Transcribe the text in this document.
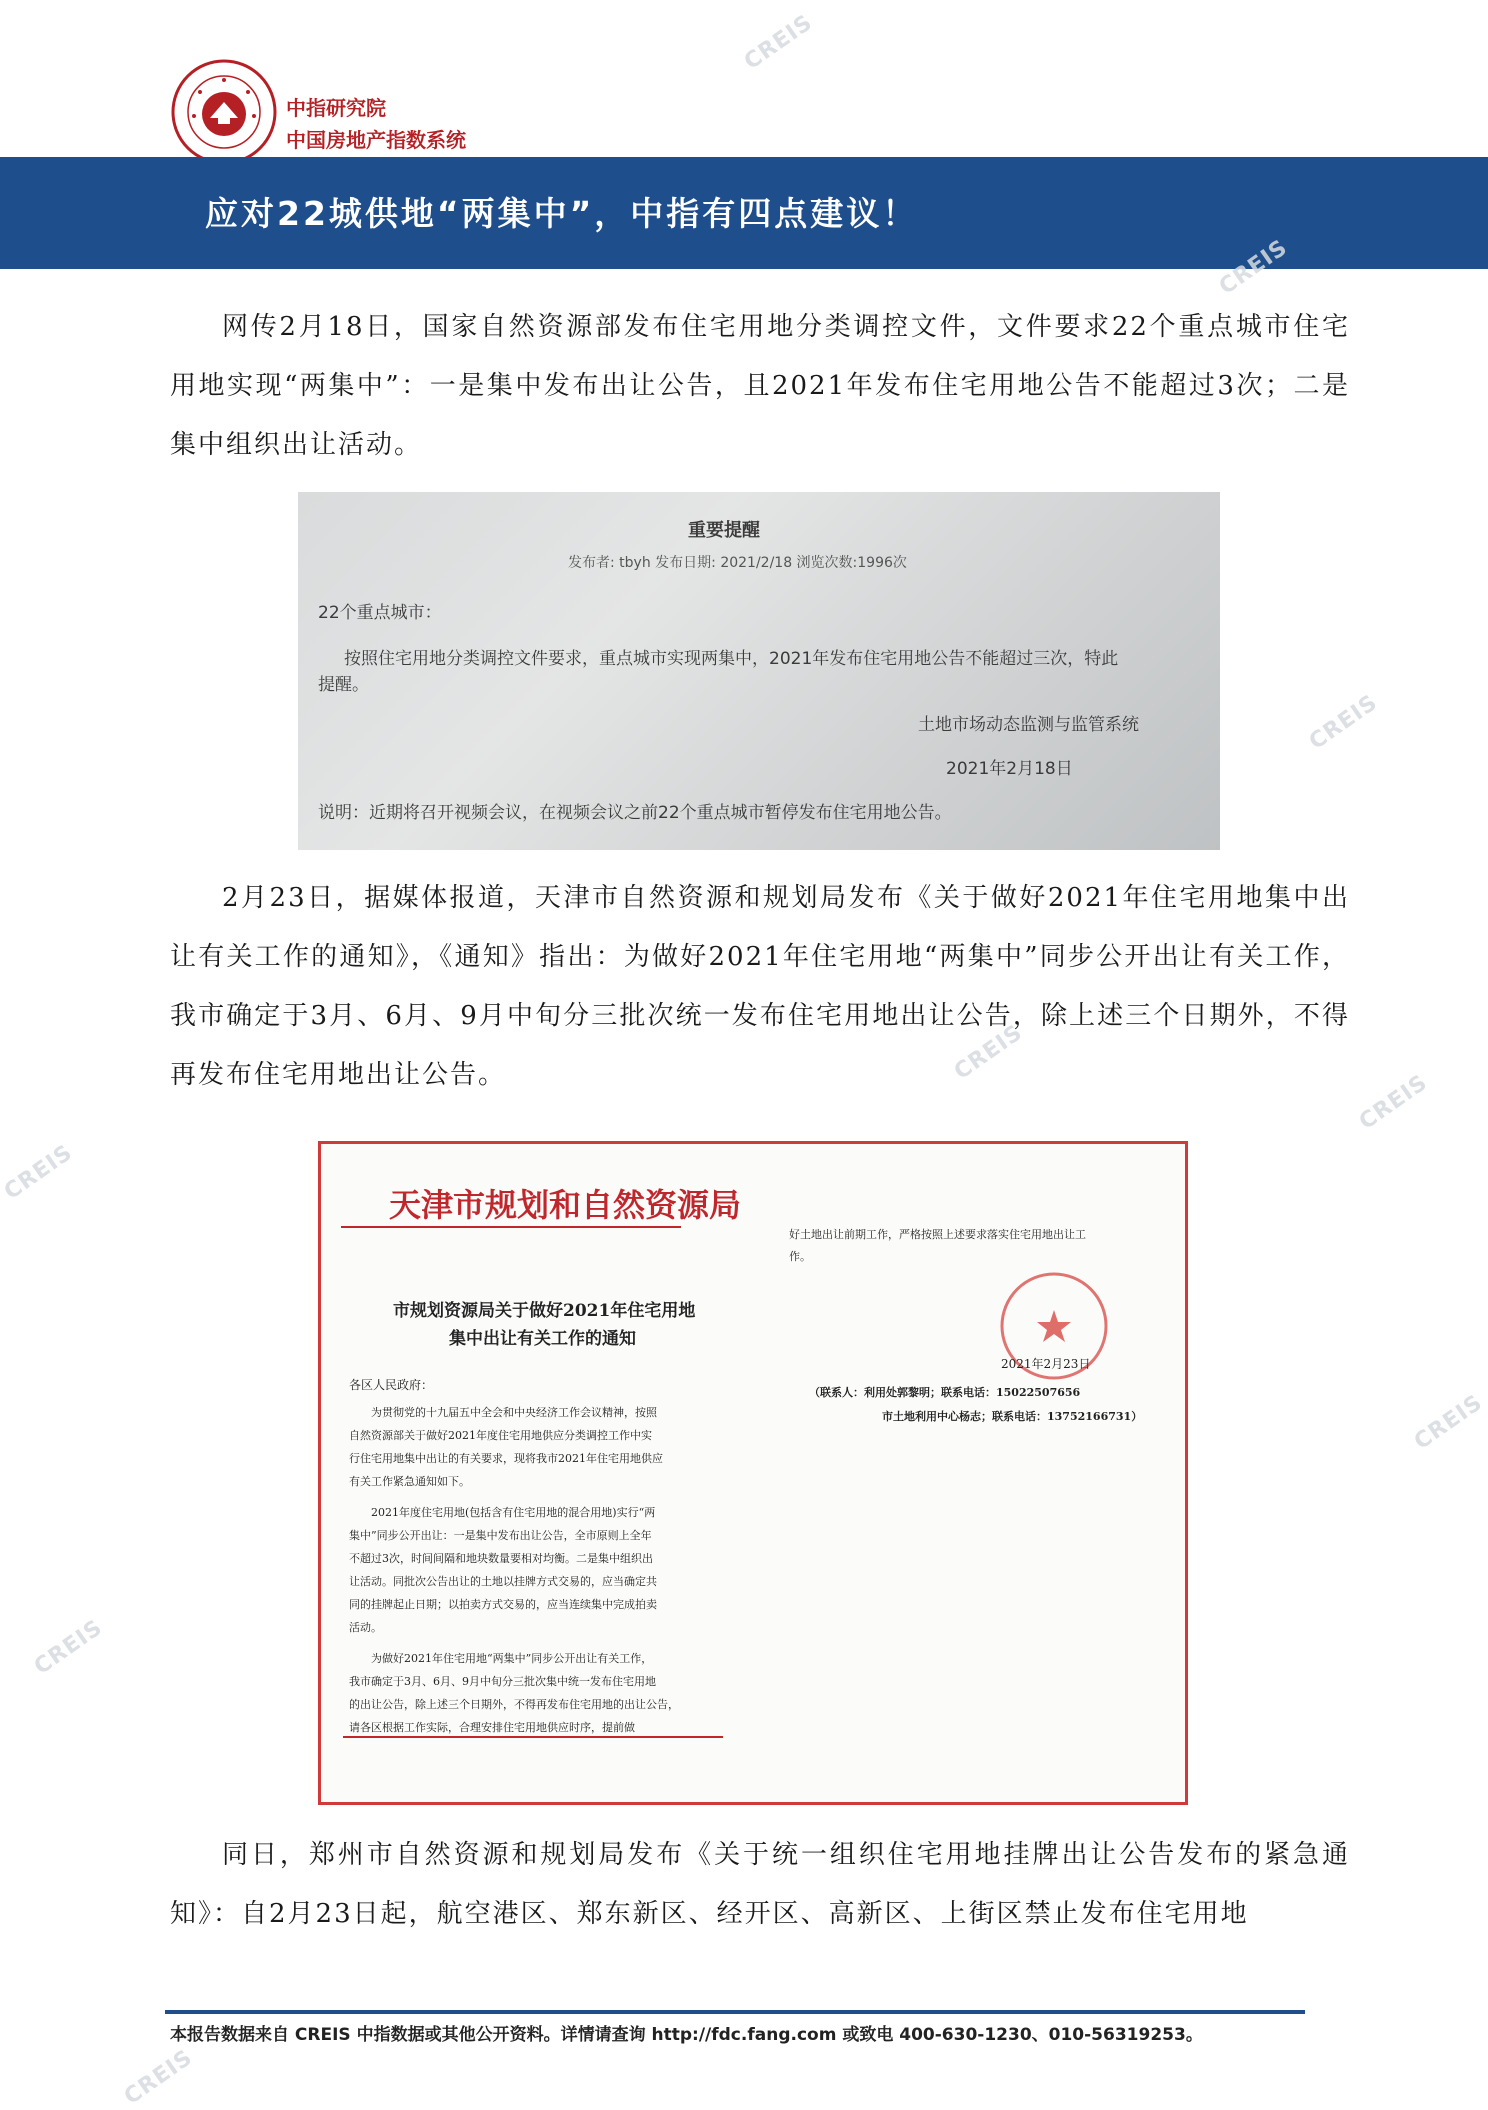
中指研究院
中国房地产指数系统
应对22城供地“两集中”，中指有四点建议！
CREIS
CREIS
CREIS
CREIS
CREIS
CREIS
CREIS
CREIS
CREIS

网传2月18日，国家自然资源部发布住宅用地分类调控文件，文件要求22个重点城市住宅用地实现“两集中”：一是集中发布出让公告，且2021年发布住宅用地公告不能超过3次；二是集中组织出让活动。

重要提醒
发布者: tbyh 发布日期: 2021/2/18 浏览次数:1996次
22个重点城市：
按照住宅用地分类调控文件要求，重点城市实现两集中，2021年发布住宅用地公告不能超过三次，特此
提醒。
土地市场动态监测与监管系统
2021年2月18日
说明：近期将召开视频会议，在视频会议之前22个重点城市暂停发布住宅用地公告。

2月23日，据媒体报道，天津市自然资源和规划局发布《关于做好2021年住宅用地集中出让有关工作的通知》，《通知》指出：为做好2021年住宅用地“两集中”同步公开出让有关工作，我市确定于3月、6月、9月中旬分三批次统一发布住宅用地出让公告，除上述三个日期外，不得再发布住宅用地出让公告。

天津市规划和自然资源局
市规划资源局关于做好2021年住宅用地
集中出让有关工作的通知
各区人民政府：
为贯彻党的十九届五中全会和中央经济工作会议精神，按照
自然资源部关于做好2021年度住宅用地供应分类调控工作中实
行住宅用地集中出让的有关要求，现将我市2021年住宅用地供应
有关工作紧急通知如下。
2021年度住宅用地(包括含有住宅用地的混合用地)实行“两
集中”同步公开出让：一是集中发布出让公告，全市原则上全年
不超过3次，时间间隔和地块数量要相对均衡。二是集中组织出
让活动。同批次公告出让的土地以挂牌方式交易的，应当确定共
同的挂牌起止日期；以拍卖方式交易的，应当连续集中完成拍卖
活动。
为做好2021年住宅用地“两集中”同步公开出让有关工作，
我市确定于3月、6月、9月中旬分三批次集中统一发布住宅用地
的出让公告，除上述三个日期外，不得再发布住宅用地的出让公告，
请各区根据工作实际，合理安排住宅用地供应时序，提前做
好土地出让前期工作，严格按照上述要求落实住宅用地出让工
作。
2021年2月23日
（联系人：利用处郭黎明；联系电话：15022507656
市土地利用中心杨志；联系电话：13752166731）

同日，郑州市自然资源和规划局发布《关于统一组织住宅用地挂牌出让公告发布的紧急通知》：自2月23日起，航空港区、郑东新区、经开区、高新区、上街区禁止发布住宅用地

本报告数据来自 CREIS 中指数据或其他公开资料。详情请查询 http://fdc.fang.com 或致电 400-630-1230、010-56319253。
